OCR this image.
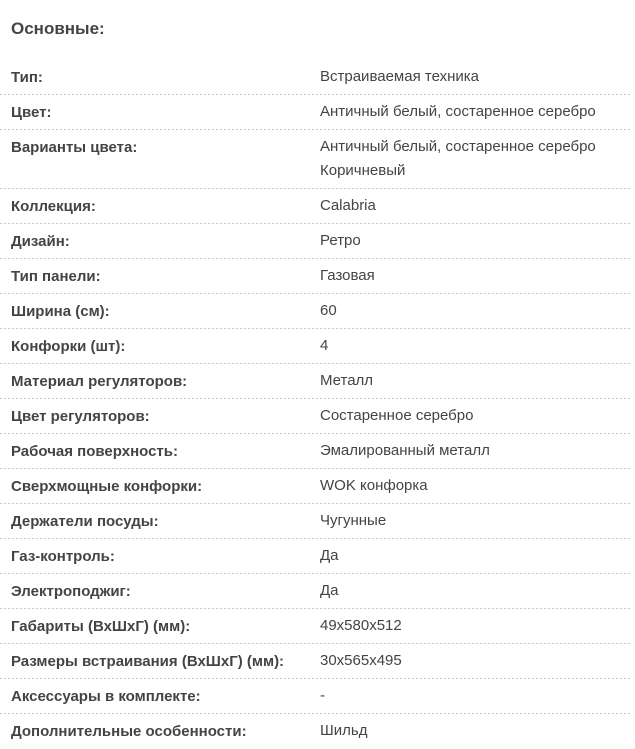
Основные:
Тип:	Встраиваемая техника
Цвет:	Античный белый, состаренное серебро
Варианты цвета:	Античный белый, состаренное серебро
Коричневый
Коллекция:	Calabria
Дизайн:	Ретро
Тип панели:	Газовая
Ширина (см):	60
Конфорки (шт):	4
Материал регуляторов:	Металл
Цвет регуляторов:	Состаренное серебро
Рабочая поверхность:	Эмалированный металл
Сверхмощные конфорки:	WOK конфорка
Держатели посуды:	Чугунные
Газ-контроль:	Да
Электроподжиг:	Да
Габариты (ВхШхГ) (мм):	49x580x512
Размеры встраивания (ВхШхГ) (мм):	30x565x495
Аксессуары в комплекте:	-
Дополнительные особенности:	Шильд
